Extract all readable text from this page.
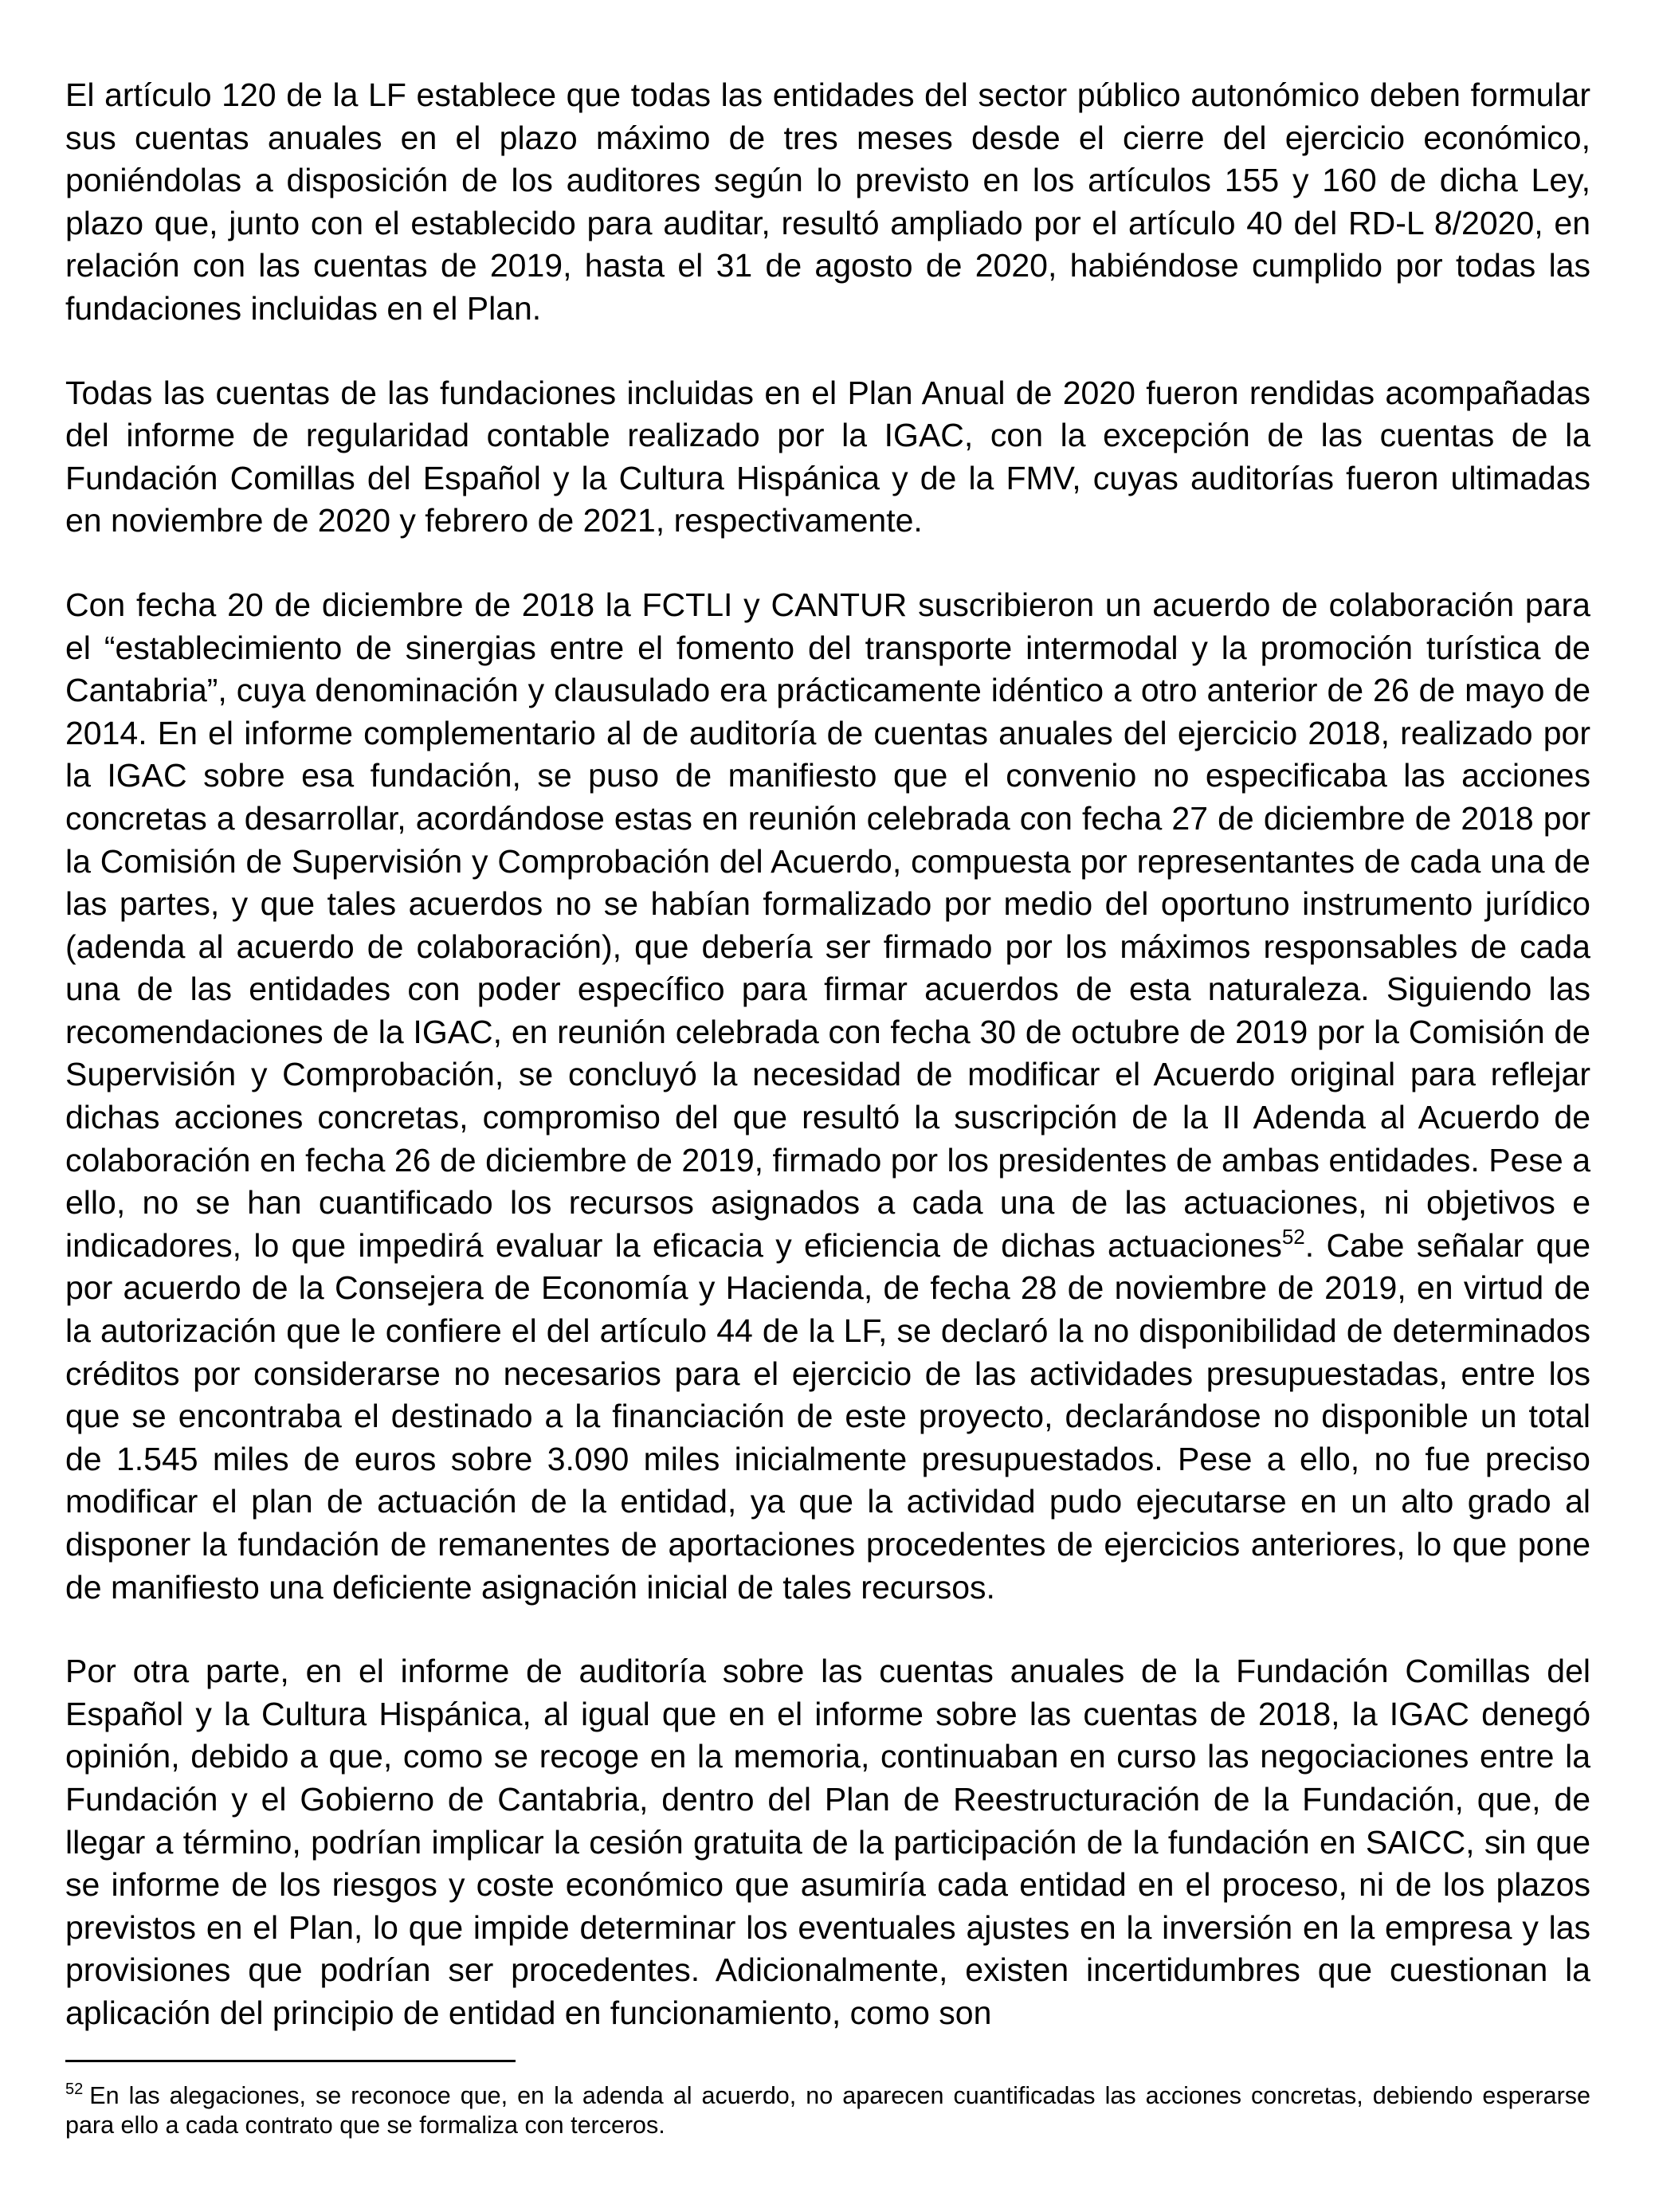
El artículo 120 de la LF establece que todas las entidades del sector público autonómico deben formular sus cuentas anuales en el plazo máximo de tres meses desde el cierre del ejercicio económico, poniéndolas a disposición de los auditores según lo previsto en los artículos 155 y 160 de dicha Ley, plazo que, junto con el establecido para auditar, resultó ampliado por el artículo 40 del RD-L 8/2020, en relación con las cuentas de 2019, hasta el 31 de agosto de 2020, habiéndose cumplido por todas las fundaciones incluidas en el Plan.

Todas las cuentas de las fundaciones incluidas en el Plan Anual de 2020 fueron rendidas acompañadas del informe de regularidad contable realizado por la IGAC, con la excepción de las cuentas de la Fundación Comillas del Español y la Cultura Hispánica y de la FMV, cuyas auditorías fueron ultimadas en noviembre de 2020 y febrero de 2021, respectivamente.

Con fecha 20 de diciembre de 2018 la FCTLI y CANTUR suscribieron un acuerdo de colaboración para el “establecimiento de sinergias entre el fomento del transporte intermodal y la promoción turística de Cantabria”, cuya denominación y clausulado era prácticamente idéntico a otro anterior de 26 de mayo de 2014. En el informe complementario al de auditoría de cuentas anuales del ejercicio 2018, realizado por la IGAC sobre esa fundación, se puso de manifiesto que el convenio no especificaba las acciones concretas a desarrollar, acordándose estas en reunión celebrada con fecha 27 de diciembre de 2018 por la Comisión de Supervisión y Comprobación del Acuerdo, compuesta por representantes de cada una de las partes, y que tales acuerdos no se habían formalizado por medio del oportuno instrumento jurídico (adenda al acuerdo de colaboración), que debería ser firmado por los máximos responsables de cada una de las entidades con poder específico para firmar acuerdos de esta naturaleza. Siguiendo las recomendaciones de la IGAC, en reunión celebrada con fecha 30 de octubre de 2019 por la Comisión de Supervisión y Comprobación, se concluyó la necesidad de modificar el Acuerdo original para reflejar dichas acciones concretas, compromiso del que resultó la suscripción de la II Adenda al Acuerdo de colaboración en fecha 26 de diciembre de 2019, firmado por los presidentes de ambas entidades. Pese a ello, no se han cuantificado los recursos asignados a cada una de las actuaciones, ni objetivos e indicadores, lo que impedirá evaluar la eficacia y eficiencia de dichas actuaciones$^{52}$. Cabe señalar que por acuerdo de la Consejera de Economía y Hacienda, de fecha 28 de noviembre de 2019, en virtud de la autorización que le confiere el del artículo 44 de la LF, se declaró la no disponibilidad de determinados créditos por considerarse no necesarios para el ejercicio de las actividades presupuestadas, entre los que se encontraba el destinado a la financiación de este proyecto, declarándose no disponible un total de 1.545 miles de euros sobre 3.090 miles inicialmente presupuestados. Pese a ello, no fue preciso modificar el plan de actuación de la entidad, ya que la actividad pudo ejecutarse en un alto grado al disponer la fundación de remanentes de aportaciones procedentes de ejercicios anteriores, lo que pone de manifiesto una deficiente asignación inicial de tales recursos.

Por otra parte, en el informe de auditoría sobre las cuentas anuales de la Fundación Comillas del Español y la Cultura Hispánica, al igual que en el informe sobre las cuentas de 2018, la IGAC denegó opinión, debido a que, como se recoge en la memoria, continuaban en curso las negociaciones entre la Fundación y el Gobierno de Cantabria, dentro del Plan de Reestructuración de la Fundación, que, de llegar a término, podrían implicar la cesión gratuita de la participación de la fundación en SAICC, sin que se informe de los riesgos y coste económico que asumiría cada entidad en el proceso, ni de los plazos previstos en el Plan, lo que impide determinar los eventuales ajustes en la inversión en la empresa y las provisiones que podrían ser procedentes. Adicionalmente, existen incertidumbres que cuestionan la aplicación del principio de entidad en funcionamiento, como son

$^{52}$ En las alegaciones, se reconoce que, en la adenda al acuerdo, no aparecen cuantificadas las acciones concretas, debiendo esperarse para ello a cada contrato que se formaliza con terceros.
